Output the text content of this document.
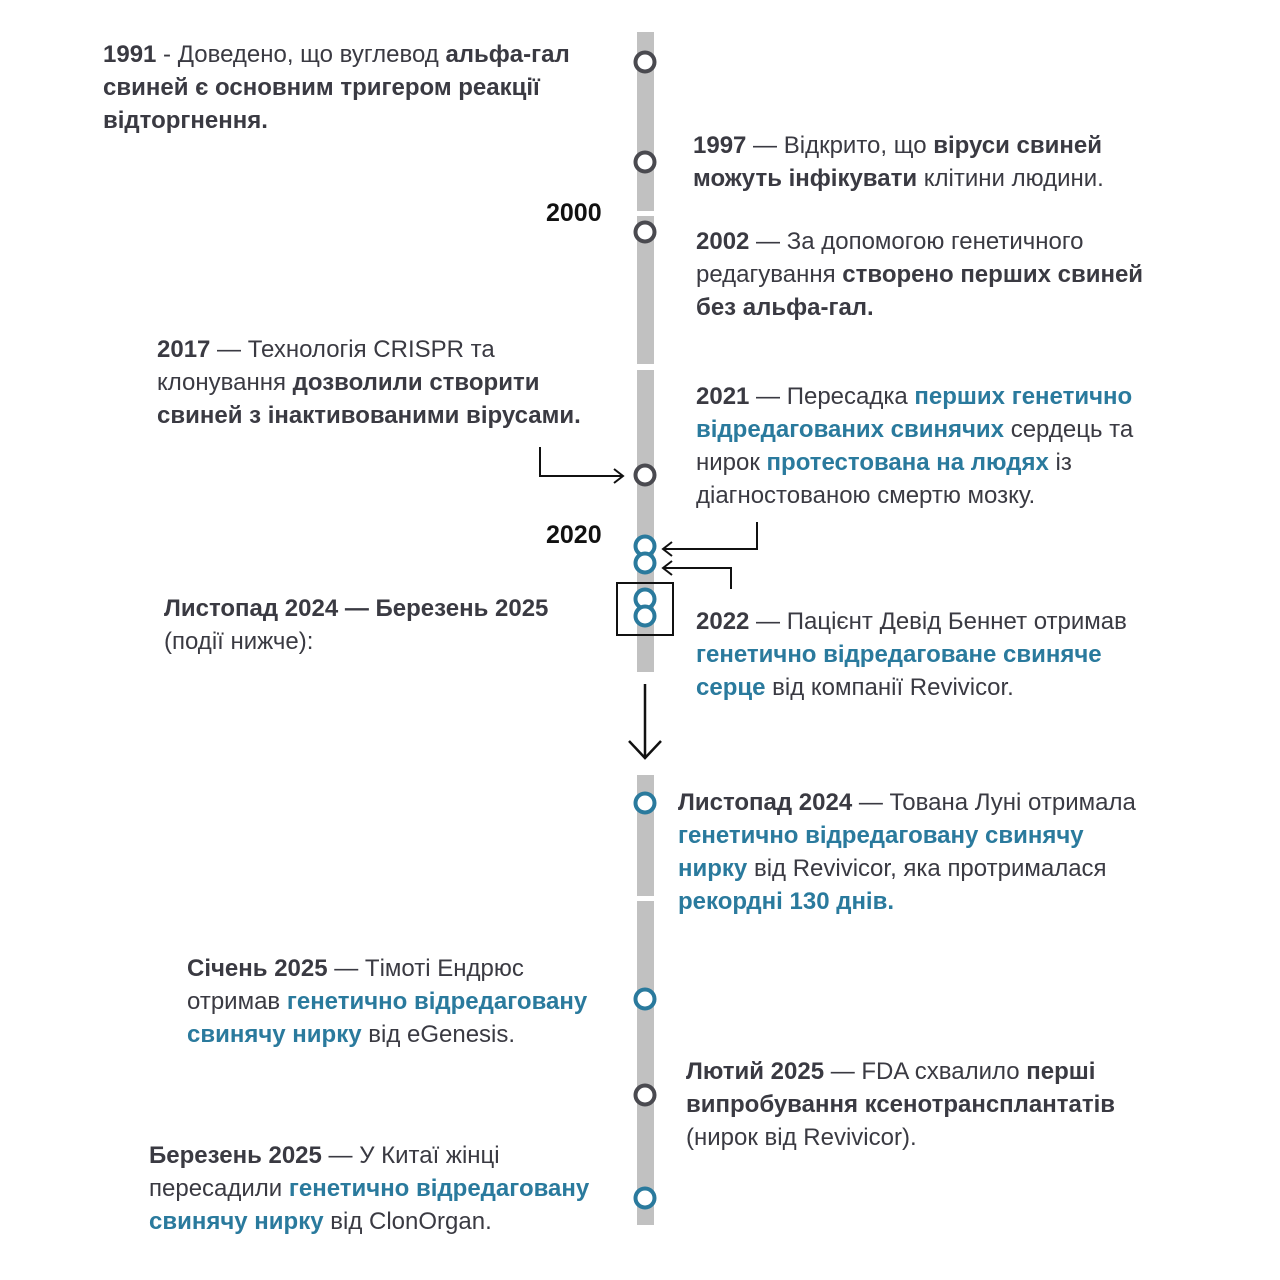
2000
2020
1991 - Доведено, що вуглевод альфа-гал свиней є основним тригером реакції відторгнення.
1997 — Відкрито, що віруси свиней можуть інфікувати клітини людини.
2002 — За допомогою генетичного редагування створено перших свиней без альфа-гал.
2017 — Технологія CRISPR та клонування дозволили створити свиней з інактивованими вірусами.
2021 — Пересадка перших генетично відредагованих свинячих сердець та нирок протестована на людях із діагностованою смертю мозку.
Листопад 2024 — Березень 2025
(події нижче):
2022 — Пацієнт Девід Беннет отримав генетично відредаговане свиняче серце від компанії Revivicor.
Листопад 2024 — Тована Луні отримала генетично відредаговану свинячу нирку від Revivicor, яка протрималася рекордні 130 днів.
Січень 2025 — Тімоті Ендрюс отримав генетично відредаговану свинячу нирку від eGenesis.
Лютий 2025 — FDA схвалило перші випробування ксенотрансплантатів (нирок від Revivicor).
Березень 2025 — У Китаї жінці пересадили генетично відредаговану свинячу нирку від ClonOrgan.
